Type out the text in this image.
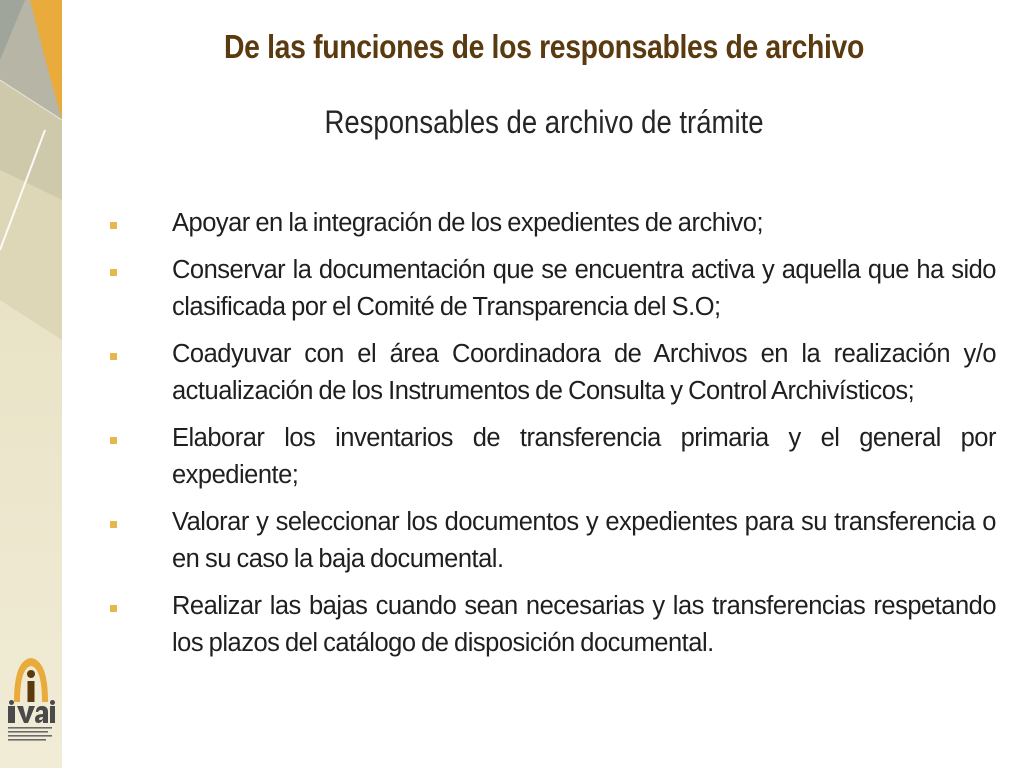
De las funciones de los responsables de archivo
Responsables de archivo de trámite
Apoyar en la integración de los expedientes de archivo;
Conservar la documentación que se encuentra activa y aquella que ha sido clasificada por el Comité de Transparencia del S.O;
Coadyuvar con el área Coordinadora de Archivos en la realización y/o actualización de los Instrumentos de Consulta y Control Archivísticos;
Elaborar los inventarios de transferencia primaria y el general por expediente;
Valorar y seleccionar los documentos y expedientes para su transferencia o en su caso la baja documental.
Realizar las bajas cuando sean necesarias y las transferencias respetando los plazos del catálogo de disposición documental.
